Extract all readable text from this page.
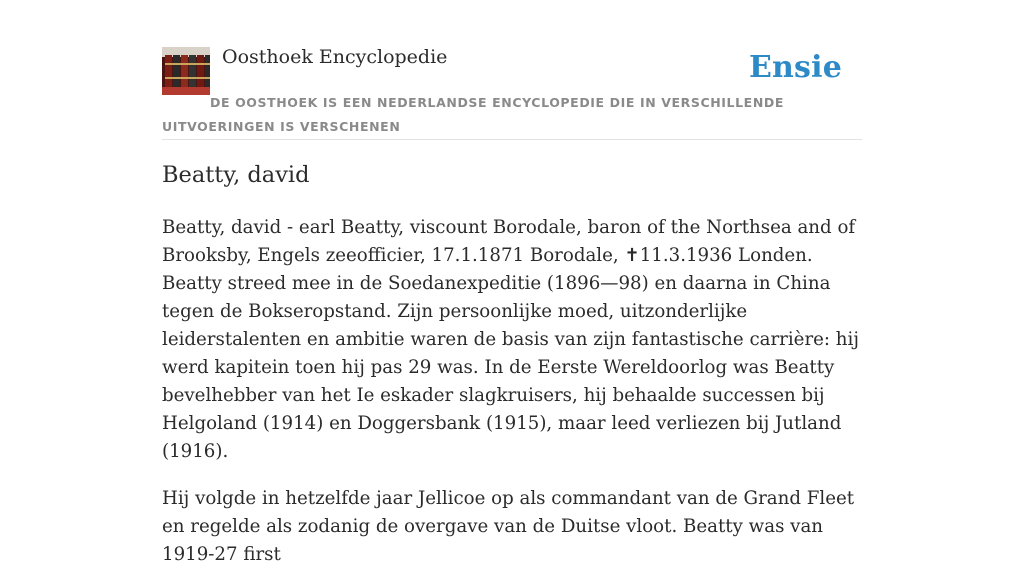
Oosthoek Encyclopedie	Ensie
DE OOSTHOEK IS EEN NEDERLANDSE ENCYCLOPEDIE DIE IN VERSCHILLENDE UITVOERINGEN IS VERSCHENEN
Beatty, david

Beatty, david - earl Beatty, viscount Borodale, baron of the Northsea and of Brooksby, Engels zeeofficier, 17.1.1871 Borodale, ✝11.3.1936 Londen. Beatty streed mee in de Soedanexpeditie (1896—98) en daarna in China tegen de Bokseropstand. Zijn persoonlijke moed, uitzonderlijke leiderstalenten en ambitie waren de basis van zijn fantastische carrière: hij werd kapitein toen hij pas 29 was. In de Eerste Wereldoorlog was Beatty bevelhebber van het Ie eskader slagkruisers, hij behaalde successen bij Helgoland (1914) en Doggersbank (1915), maar leed verliezen bij Jutland (1916).

Hij volgde in hetzelfde jaar Jellicoe op als commandant van de Grand Fleet en regelde als zodanig de overgave van de Duitse vloot. Beatty was van 1919-27 first
